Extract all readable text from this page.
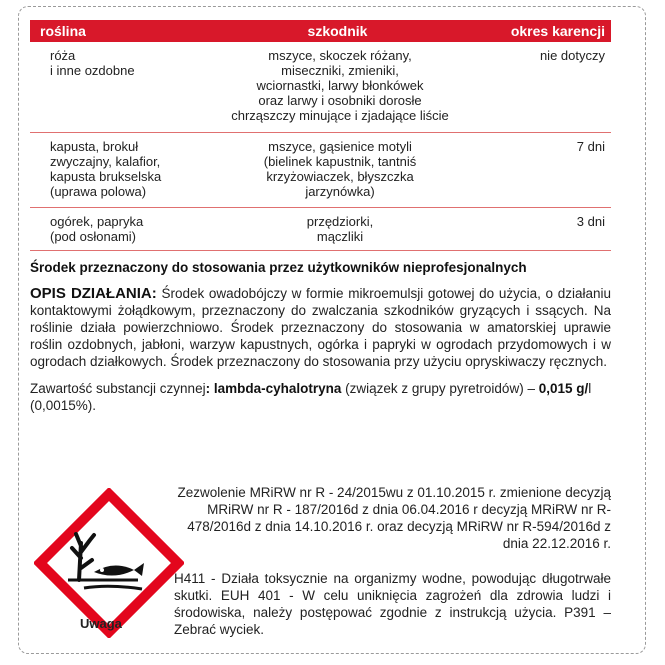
roślina	szkodnik	okres karencji
róża
i inne ozdobne
mszyce, skoczek różany,
miseczniki, zmieniki,
wciornastki, larwy błonkówek
oraz larwy i osobniki dorosłe
chrząszczy minujące i zjadające liście
nie dotyczy
kapusta, brokuł
zwyczajny, kalafior,
kapusta brukselska
(uprawa polowa)
mszyce, gąsienice motyli
(bielinek kapustnik, tantniś
krzyżowiaczek, błyszczka
jarzynówka)
7 dni
ogórek, papryka
(pod osłonami)
przędziorki,
mączliki
3 dni
Środek przeznaczony do stosowania przez użytkowników nieprofesjonalnych
OPIS DZIAŁANIA: Środek owadobójczy w formie mikroemulsji gotowej do użycia, o działaniu kontaktowymi żołądkowym, przeznaczony do zwalczania szkodników gryzących i ssących. Na roślinie działa powierzchniowo. Środek przeznaczony do stosowania w amatorskiej uprawie roślin ozdobnych, jabłoni, warzyw kapustnych, ogórka i papryki w ogrodach przydomowych i w ogrodach działkowych. Środek przeznaczony do stosowania przy użyciu opryskiwaczy ręcznych.
Zawartość substancji czynnej: lambda-cyhalotryna (związek z grupy pyretroidów) – 0,015 g/l (0,0015%).
Uwaga
Zezwolenie MRiRW nr R - 24/2015wu z 01.10.2015 r. zmienione decyzją MRiRW nr R - 187/2016d z dnia 06.04.2016 r decyzją MRiRW nr R-478/2016d z dnia 14.10.2016 r. oraz decyzją MRiRW nr R-594/2016d z dnia 22.12.2016 r.
H411 - Działa toksycznie na organizmy wodne, powodując długotrwałe skutki. EUH 401 - W celu uniknięcia zagrożeń dla zdrowia ludzi i środowiska, należy postępować zgodnie z instrukcją użycia. P391 – Zebrać wyciek.
